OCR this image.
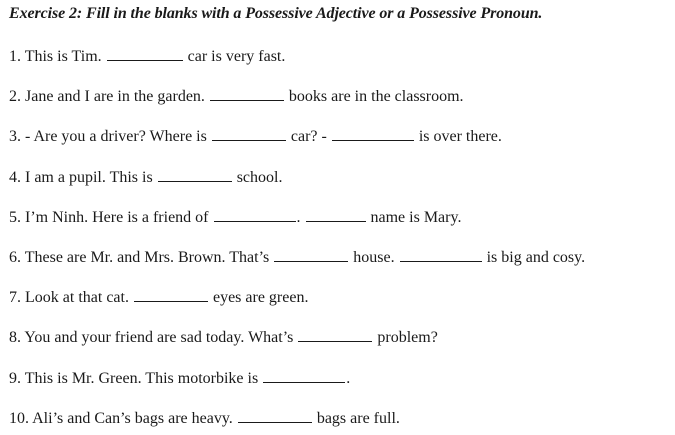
Exercise 2: Fill in the blanks with a Possessive Adjective or a Possessive Pronoun.
1. This is Tim.	car is very fast.
2. Jane and I are in the garden.	books are in the classroom.
3. - Are you a driver? Where is	car? -	is over there.
4. I am a pupil. This is	school.
5. I’m Ninh. Here is a friend of	.	name is Mary.
6. These are Mr. and Mrs. Brown. That’s	house.	is big and cosy.
7. Look at that cat.	eyes are green.
8. You and your friend are sad today. What’s	problem?
9. This is Mr. Green. This motorbike is	.
10. Ali’s and Can’s bags are heavy.	bags are full.
